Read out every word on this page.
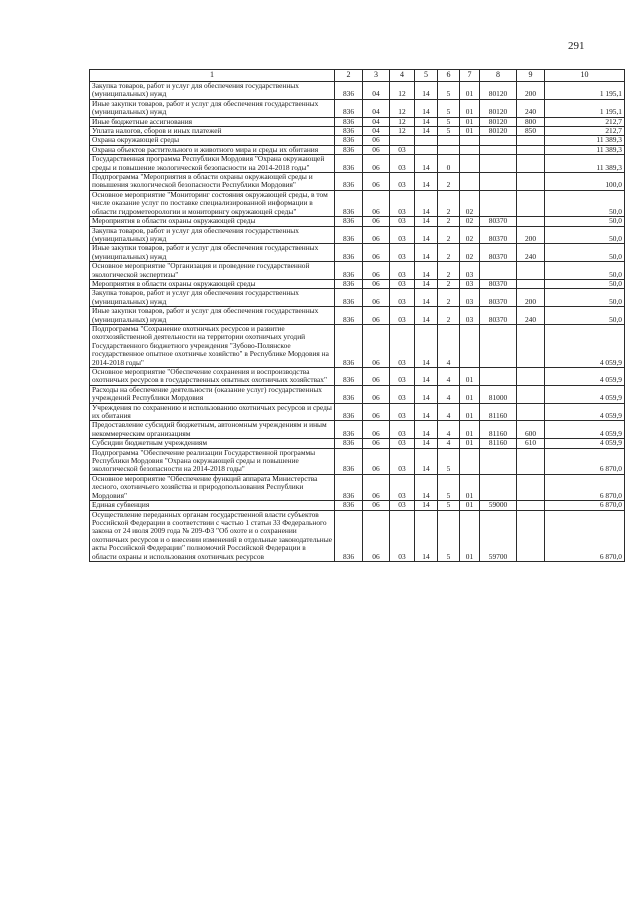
291
1	2	3	4	5	6	7	8	9	10
Закупка товаров, работ и услуг для обеспечения государственных (муниципальных) нужд	836	04	12	14	5	01	80120	200	1 195,1
Иные закупки товаров, работ и услуг для обеспечения государственных (муниципальных) нужд	836	04	12	14	5	01	80120	240	1 195,1
Иные бюджетные ассигнования	836	04	12	14	5	01	80120	800	212,7
Уплата налогов, сборов и иных платежей	836	04	12	14	5	01	80120	850	212,7
Охрана окружающей среды	836	06							11 389,3
Охрана объектов растительного и животного мира и среды их обитания	836	06	03						11 389,3
Государственная программа Республики Мордовия "Охрана окружающей среды и повышение экологической безопасности на 2014-2018 годы"	836	06	03	14	0				11 389,3
Подпрограмма "Мероприятия в области охраны окружающей среды и повышения экологической безопасности Республики Мордовия"	836	06	03	14	2				100,0
Основное мероприятие "Мониторинг состояния окружающей среды, в том числе оказание услуг по поставке специализированной информации в области гидрометеорологии и мониторингу окружающей среды"	836	06	03	14	2	02			50,0
Мероприятия в области охраны окружающей среды	836	06	03	14	2	02	80370		50,0
Закупка товаров, работ и услуг для обеспечения государственных (муниципальных) нужд	836	06	03	14	2	02	80370	200	50,0
Иные закупки товаров, работ и услуг для обеспечения государственных (муниципальных) нужд	836	06	03	14	2	02	80370	240	50,0
Основное мероприятие "Организация и проведение государственной экологической экспертизы"	836	06	03	14	2	03			50,0
Мероприятия в области охраны окружающей среды	836	06	03	14	2	03	80370		50,0
Закупка товаров, работ и услуг для обеспечения государственных (муниципальных) нужд	836	06	03	14	2	03	80370	200	50,0
Иные закупки товаров, работ и услуг для обеспечения государственных (муниципальных) нужд	836	06	03	14	2	03	80370	240	50,0
Подпрограмма "Сохранение охотничьих ресурсов и развитие охотхозяйственной деятельности на территории охотничьих угодий Государственного бюджетного учреждения "Зубово-Полянское государственное опытное охотничье хозяйство" в Республике Мордовия на 2014-2018 годы"	836	06	03	14	4				4 059,9
Основное мероприятие "Обеспечение сохранения и воспроизводства охотничьих ресурсов в государственных опытных охотничьих хозяйствах"	836	06	03	14	4	01			4 059,9
Расходы на обеспечение деятельности (оказание услуг) государственных учреждений Республики Мордовия	836	06	03	14	4	01	81000		4 059,9
Учреждения по сохранению и использованию охотничьих ресурсов и среды их обитания	836	06	03	14	4	01	81160		4 059,9
Предоставление субсидий бюджетным, автономным учреждениям и иным некоммерческим организациям	836	06	03	14	4	01	81160	600	4 059,9
Субсидии бюджетным учреждениям	836	06	03	14	4	01	81160	610	4 059,9
Подпрограмма "Обеспечение реализации Государственной программы Республики Мордовия "Охрана окружающей среды и повышение экологической безопасности на 2014-2018 годы"	836	06	03	14	5				6 870,0
Основное мероприятие "Обеспечение функций аппарата Министерства лесного, охотничьего хозяйства и природопользования Республики Мордовия"	836	06	03	14	5	01			6 870,0
Единая субвенция	836	06	03	14	5	01	59000		6 870,0
Осуществление переданных органам государственной власти субъектов Российской Федерации в соответствии с частью 1 статьи 33 Федерального закона от 24 июля 2009 года № 209-ФЗ "Об охоте и о сохранении охотничьих ресурсов и о внесении изменений в отдельные законодательные акты Российской Федерации" полномочий Российской Федерации в области охраны и использования охотничьих ресурсов	836	06	03	14	5	01	59700		6 870,0
